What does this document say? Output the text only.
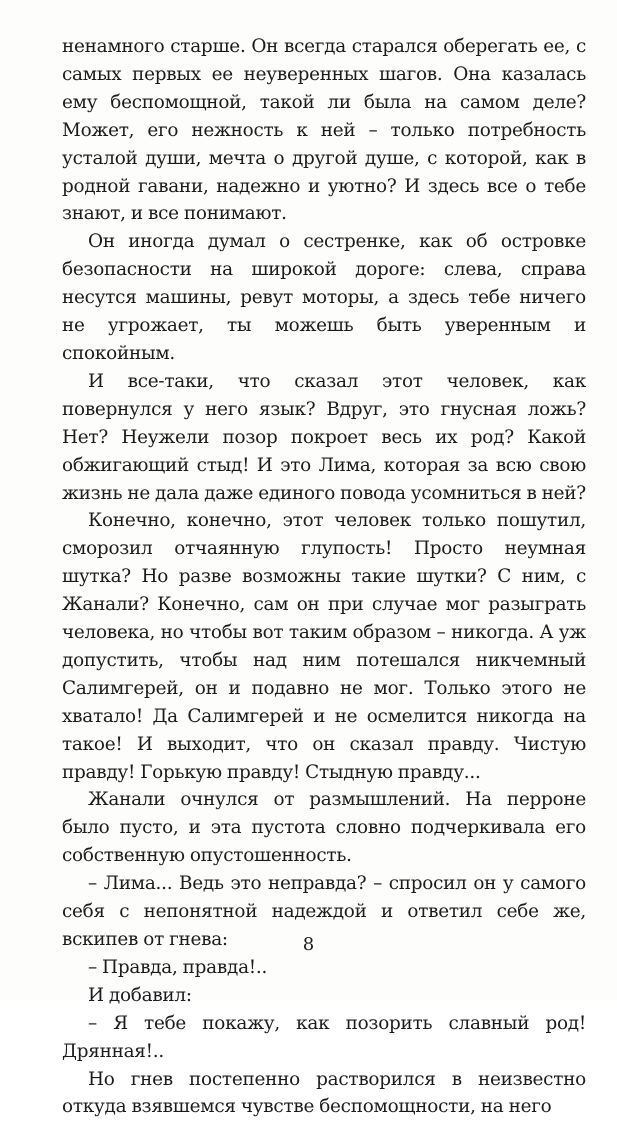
ненамного старше. Он всегда старался оберегать ее, с самых первых ее неуверенных шагов. Она казалась ему беспомощной, такой ли была на самом деле? Может, его нежность к ней – только потребность усталой души, мечта о другой душе, с которой, как в родной гавани, надежно и уютно? И здесь все о тебе знают, и все понимают.

Он иногда думал о сестренке, как об островке безопасности на широкой дороге: слева, справа несутся машины, ревут моторы, а здесь тебе ничего не угрожает, ты можешь быть уверенным и спокойным.

И все-таки, что сказал этот человек, как повернулся у него язык? Вдруг, это гнусная ложь? Нет? Неужели позор покроет весь их род? Какой обжигающий стыд! И это Лима, которая за всю свою жизнь не дала даже единого повода усомниться в ней?

Конечно, конечно, этот человек только пошутил, сморозил отчаянную глупость! Просто неумная шутка? Но разве возможны такие шутки? С ним, с Жанали? Конечно, сам он при случае мог разыграть человека, но чтобы вот таким образом – никогда. А уж допустить, чтобы над ним потешался никчемный Салимгерей, он и подавно не мог. Только этого не хватало! Да Салимгерей и не осмелится никогда на такое! И выходит, что он сказал правду. Чистую правду! Горькую правду! Стыдную правду...

Жанали очнулся от размышлений. На перроне было пусто, и эта пустота словно подчеркивала его собственную опустошенность.

– Лима... Ведь это неправда? – спросил он у самого себя с непонятной надеждой и ответил себе же, вскипев от гнева:

– Правда, правда!..

И добавил:

– Я тебе покажу, как позорить славный род! Дрянная!..

Но гнев постепенно растворился в неизвестно откуда взявшемся чувстве беспомощности, на него

8
